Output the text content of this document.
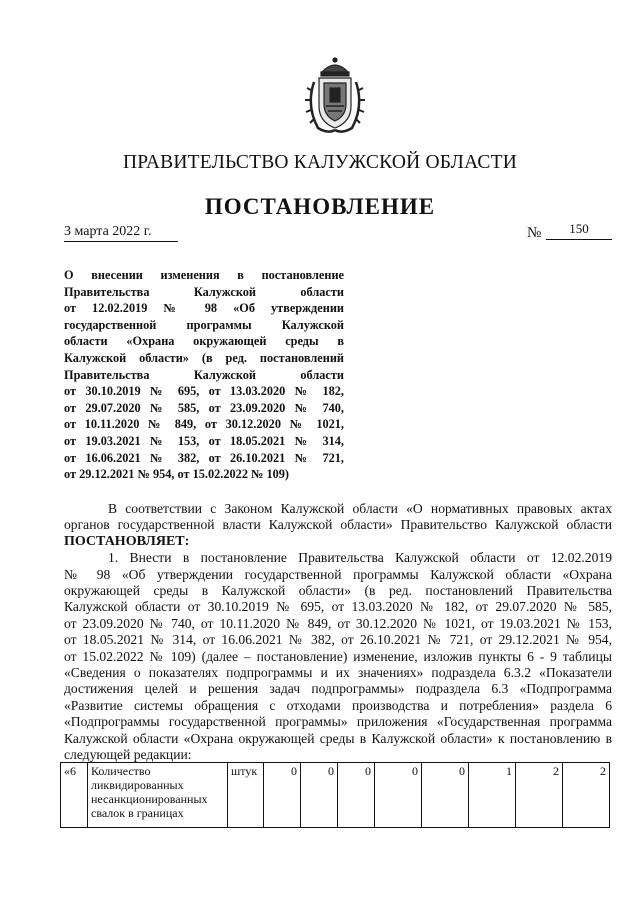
ПРАВИТЕЛЬСТВО КАЛУЖСКОЙ ОБЛАСТИ
ПОСТАНОВЛЕНИЕ
3 марта 2022 г.	№	150
О внесении изменения в постановление
Правительства Калужской области
от 12.02.2019 № 98 «Об утверждении
государственной программы Калужской
области «Охрана окружающей среды в
Калужской области» (в ред. постановлений
Правительства Калужской области
от 30.10.2019 № 695, от 13.03.2020 № 182,
от 29.07.2020 № 585, от 23.09.2020 № 740,
от 10.11.2020 № 849, от 30.12.2020 № 1021,
от 19.03.2021 № 153, от 18.05.2021 № 314,
от 16.06.2021 № 382, от 26.10.2021 № 721,
от 29.12.2021 № 954, от 15.02.2022 № 109)
В соответствии с Законом Калужской области «О нормативных правовых актах
органов государственной власти Калужской области» Правительство Калужской области
ПОСТАНОВЛЯЕТ:
1. Внести в постановление Правительства Калужской области от 12.02.2019
№ 98 «Об утверждении государственной программы Калужской области «Охрана
окружающей среды в Калужской области» (в ред. постановлений Правительства
Калужской области от 30.10.2019 № 695, от 13.03.2020 № 182, от 29.07.2020 № 585,
от 23.09.2020 № 740, от 10.11.2020 № 849, от 30.12.2020 № 1021, от 19.03.2021 № 153,
от 18.05.2021 № 314, от 16.06.2021 № 382, от 26.10.2021 № 721, от 29.12.2021 № 954,
от 15.02.2022 № 109) (далее – постановление) изменение, изложив пункты 6 - 9 таблицы
«Сведения о показателях подпрограммы и их значениях» подраздела 6.3.2 «Показатели
достижения целей и решения задач подпрограммы» подраздела 6.3 «Подпрограмма
«Развитие системы обращения с отходами производства и потребления» раздела 6
«Подпрограммы государственной программы» приложения «Государственная программа
Калужской области «Охрана окружающей среды в Калужской области» к постановлению в
следующей редакции:
«6	Количество ликвидированных несанкционированных свалок в границах	штук	0	0	0	0	0	1	2	2
